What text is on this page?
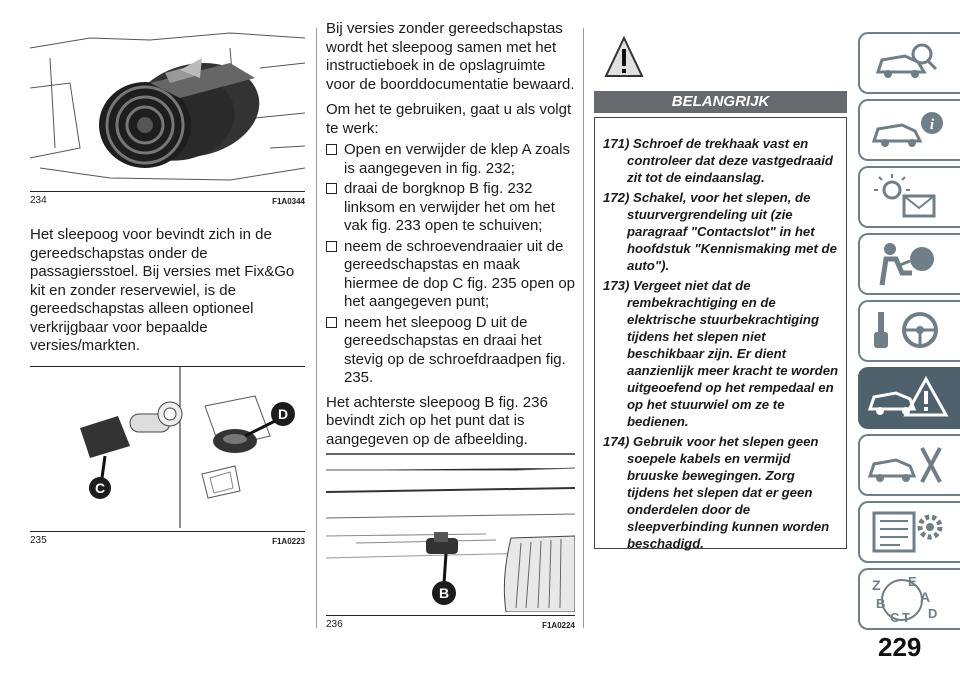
234	F1A0344

Het sleepoog voor bevindt zich in de gereedschapstas onder de passagiersstoel. Bij versies met Fix&Go kit en zonder reservewiel, is de gereedschapstas alleen optioneel verkrijgbaar voor bepaalde versies/markten.

C
D
235	F1A0223

Bij versies zonder gereedschapstas wordt het sleepoog samen met het instructieboek in de opslagruimte voor de boorddocumentatie bewaard.

Om het te gebruiken, gaat u als volgt te werk:

Open en verwijder de klep A zoals is aangegeven in fig. 232;
draai de borgknop B fig. 232 linksom en verwijder het om het vak fig. 233 open te schuiven;
neem de schroevendraaier uit de gereedschapstas en maak hiermee de dop C fig. 235 open op het aangegeven punt;
neem het sleepoog D uit de gereedschapstas en draai het stevig op de schroefdraadpen fig. 235.

Het achterste sleepoog B fig. 236 bevindt zich op het punt dat is aangegeven op de afbeelding.

B
236	F1A0224
BELANGRIJK

171) Schroef de trekhaak vast en controleer dat deze vastgedraaid zit tot de eindaanslag.

172) Schakel, voor het slepen, de stuurvergrendeling uit (zie paragraaf "Contactslot" in het hoofdstuk "Kennismaking met de auto").

173) Vergeet niet dat de rembekrachtiging en de elektrische stuurbekrachtiging tijdens het slepen niet beschikbaar zijn. Er dient aanzienlijk meer kracht te worden uitgeoefend op het rempedaal en op het stuurwiel om ze te bedienen.

174) Gebruik voor het slepen geen soepele kabels en vermijd bruuske bewegingen. Zorg tijdens het slepen dat er geen onderdelen door de sleepverbinding kunnen worden beschadigd.

i
Z E
A
B
C T D
229
